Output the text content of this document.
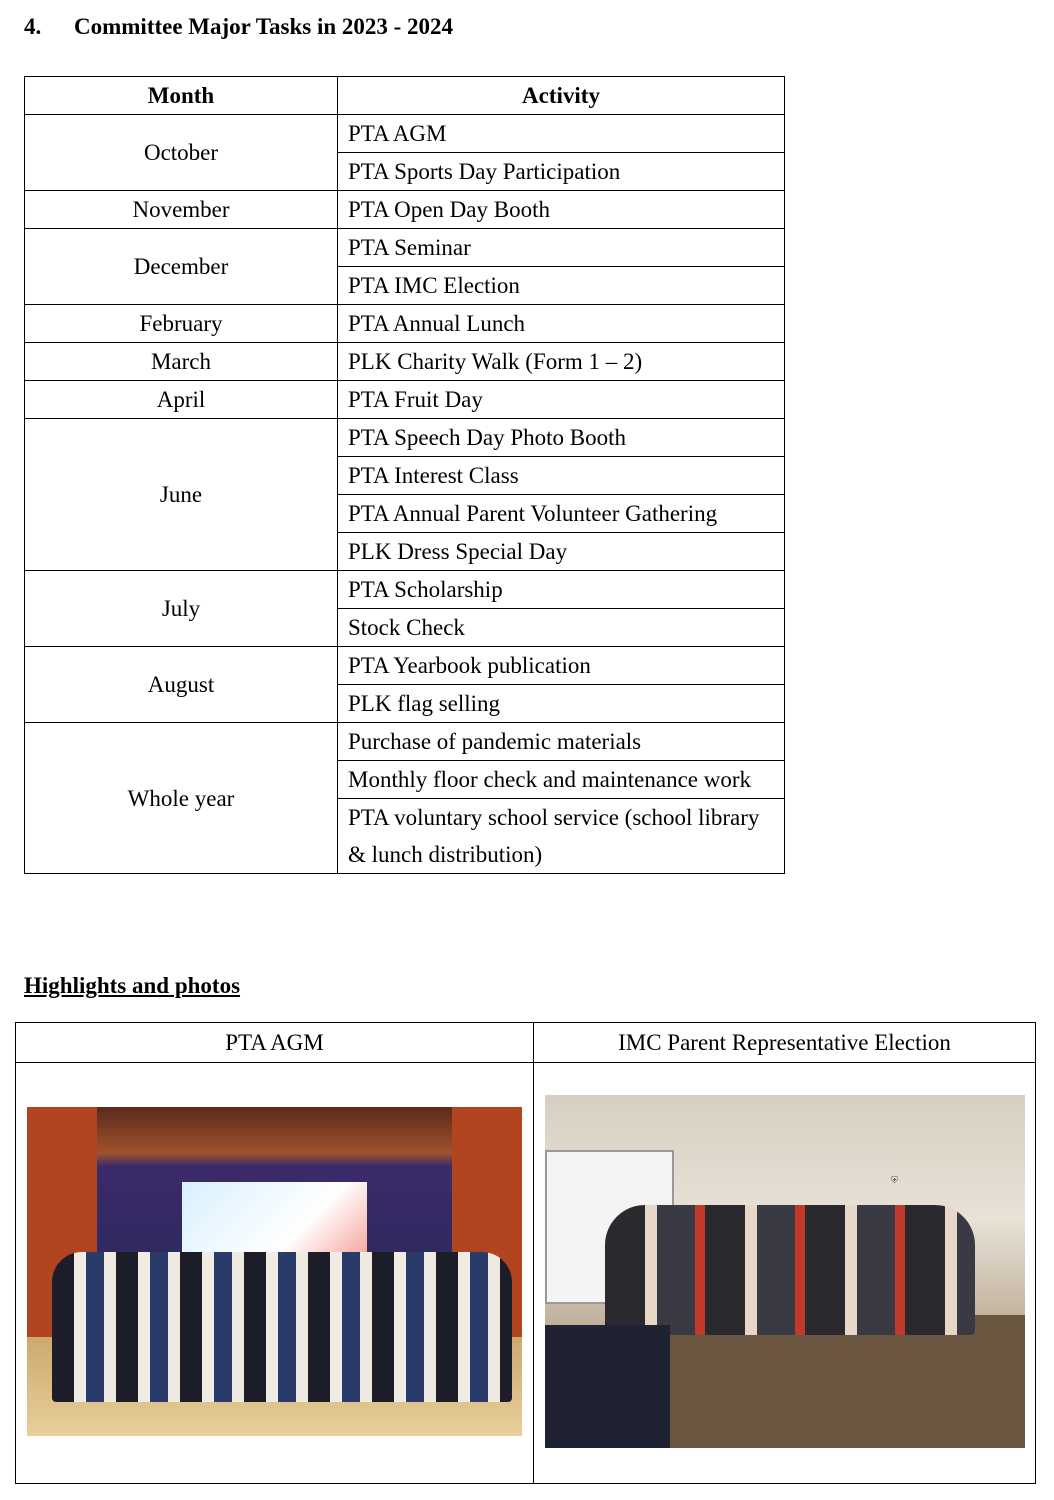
4. Committee Major Tasks in 2023 - 2024
Month	Activity
October	PTA AGM
	PTA Sports Day Participation
November	PTA Open Day Booth
December	PTA Seminar
	PTA IMC Election
February	PTA Annual Lunch
March	PLK Charity Walk (Form 1 – 2)
April	PTA Fruit Day
June	PTA Speech Day Photo Booth
	PTA Interest Class
	PTA Annual Parent Volunteer Gathering
	PLK Dress Special Day
July	PTA Scholarship
	Stock Check
August	PTA Yearbook publication
	PLK flag selling
Whole year	Purchase of pandemic materials
	Monthly floor check and maintenance work
	PTA voluntary school service (school library & lunch distribution)
Highlights and photos
PTA AGM	IMC Parent Representative Election

	⛨
